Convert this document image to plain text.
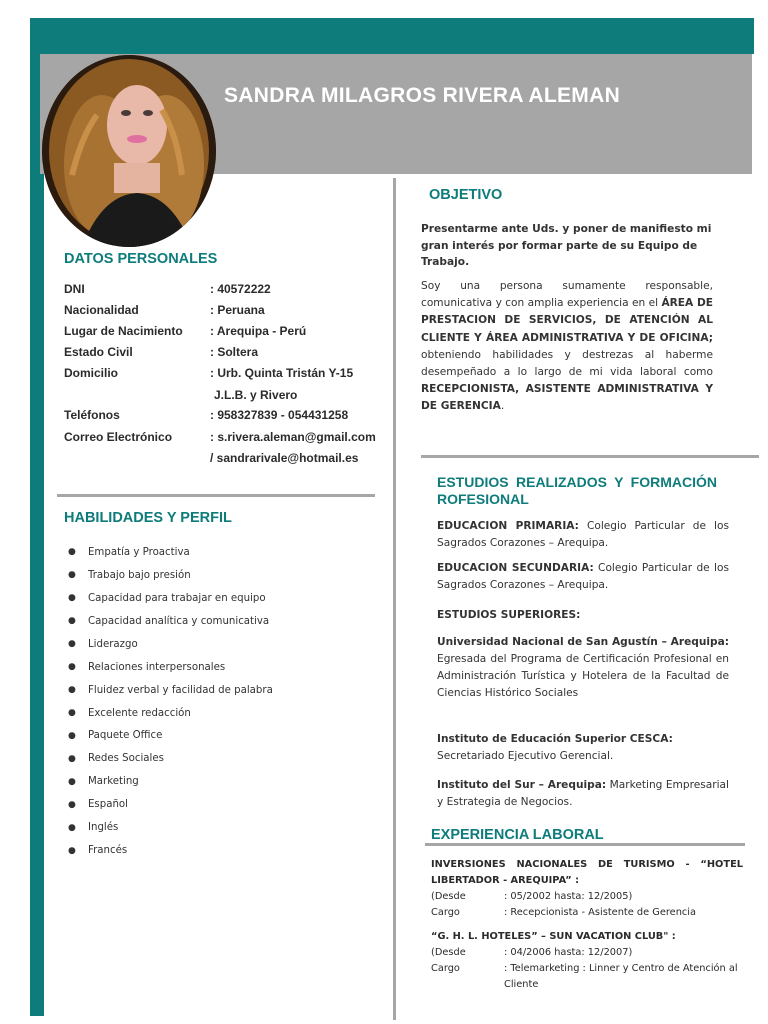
SANDRA MILAGROS RIVERA ALEMAN
DATOS PERSONALES
DNI	: 40572222
Nacionalidad	: Peruana
Lugar de Nacimiento : Arequipa - Perú
Estado Civil	: Soltera
Domicilio	: Urb. Quinta Tristán Y-15
J.L.B. y Rivero
Teléfonos	: 958327839 - 054431258
Correo Electrónico	: s.rivera.aleman@gmail.com
/ sandrarivale@hotmail.es
HABILIDADES Y PERFIL
●	Empatía y Proactiva
●	Trabajo bajo presión
●	Capacidad para trabajar en equipo
●	Capacidad analítica y comunicativa
●	Liderazgo
●	Relaciones interpersonales
●	Fluidez verbal y facilidad de palabra
●	Excelente redacción
●	Paquete Office
●	Redes Sociales
●	Marketing
●	Español
●	Inglés
●	Francés
OBJETIVO
Presentarme ante Uds. y poner de manifiesto mi gran interés por formar parte de su Equipo de Trabajo.
Soy una persona sumamente responsable, comunicativa y con amplia experiencia en el ÁREA DE PRESTACION DE SERVICIOS, DE ATENCIÓN AL CLIENTE Y ÁREA ADMINISTRATIVA Y DE OFICINA; obteniendo habilidades y destrezas al haberme desempeñado a lo largo de mi vida laboral como RECEPCIONISTA, ASISTENTE ADMINISTRATIVA Y DE GERENCIA.
ESTUDIOS REALIZADOS Y FORMACIÓN ROFESIONAL
EDUCACION PRIMARIA: Colegio Particular de los Sagrados Corazones – Arequipa.
EDUCACION SECUNDARIA: Colegio Particular de los Sagrados Corazones – Arequipa.
ESTUDIOS SUPERIORES:
Universidad Nacional de San Agustín – Arequipa: Egresada del Programa de Certificación Profesional en Administración Turística y Hotelera de la Facultad de Ciencias Histórico Sociales
Instituto de Educación Superior CESCA:
Secretariado Ejecutivo Gerencial.
Instituto del Sur – Arequipa: Marketing Empresarial y Estrategia de Negocios.
EXPERIENCIA LABORAL
INVERSIONES NACIONALES DE TURISMO - “HOTEL LIBERTADOR - AREQUIPA” :
(Desde	: 05/2002 hasta: 12/2005)
Cargo	: Recepcionista - Asistente de Gerencia
“G. H. L. HOTELES” – SUN VACATION CLUB" :
(Desde	: 04/2006 hasta: 12/2007)
Cargo	: Telemarketing : Linner y Centro de Atención al Cliente
